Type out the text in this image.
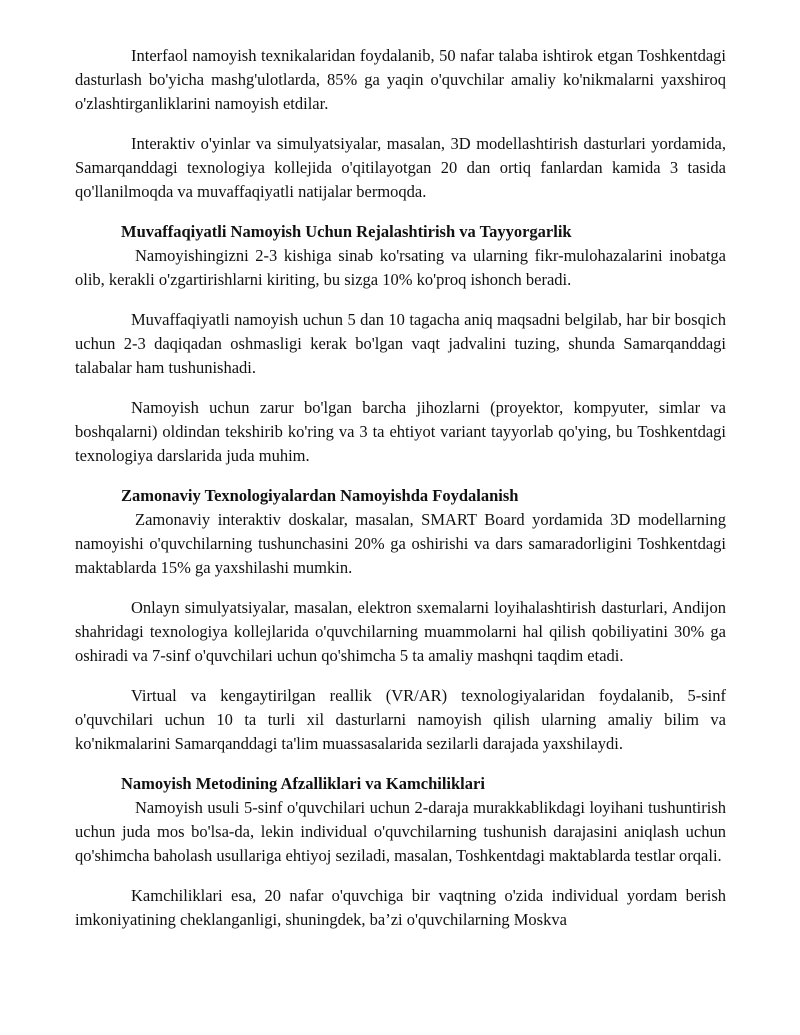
Interfaol namoyish texnikalaridan foydalanib, 50 nafar talaba ishtirok etgan Toshkentdagi dasturlash bo'yicha mashg'ulotlarda, 85% ga yaqin o'quvchilar amaliy ko'nikmalarni yaxshiroq o'zlashtirganliklarini namoyish etdilar.

Interaktiv o'yinlar va simulyatsiyalar, masalan, 3D modellashtirish dasturlari yordamida, Samarqanddagi texnologiya kollejida o'qitilayotgan 20 dan ortiq fanlardan kamida 3 tasida qo'llanilmoqda va muvaffaqiyatli natijalar bermoqda.

Muvaffaqiyatli Namoyish Uchun Rejalashtirish va Tayyorgarlik

Namoyishingizni 2-3 kishiga sinab ko'rsating va ularning fikr-mulohazalarini inobatga olib, kerakli o'zgartirishlarni kiriting, bu sizga 10% ko'proq ishonch beradi.

Muvaffaqiyatli namoyish uchun 5 dan 10 tagacha aniq maqsadni belgilab, har bir bosqich uchun 2-3 daqiqadan oshmasligi kerak bo'lgan vaqt jadvalini tuzing, shunda Samarqanddagi talabalar ham tushunishadi.

Namoyish uchun zarur bo'lgan barcha jihozlarni (proyektor, kompyuter, simlar va boshqalarni) oldindan tekshirib ko'ring va 3 ta ehtiyot variant tayyorlab qo'ying, bu Toshkentdagi texnologiya darslarida juda muhim.

Zamonaviy Texnologiyalardan Namoyishda Foydalanish

Zamonaviy interaktiv doskalar, masalan, SMART Board yordamida 3D modellarning namoyishi o'quvchilarning tushunchasini 20% ga oshirishi va dars samaradorligini Toshkentdagi maktablarda 15% ga yaxshilashi mumkin.

Onlayn simulyatsiyalar, masalan, elektron sxemalarni loyihalashtirish dasturlari, Andijon shahridagi texnologiya kollejlarida o'quvchilarning muammolarni hal qilish qobiliyatini 30% ga oshiradi va 7-sinf o'quvchilari uchun qo'shimcha 5 ta amaliy mashqni taqdim etadi.

Virtual va kengaytirilgan reallik (VR/AR) texnologiyalaridan foydalanib, 5-sinf o'quvchilari uchun 10 ta turli xil dasturlarni namoyish qilish ularning amaliy bilim va ko'nikmalarini Samarqanddagi ta'lim muassasalarida sezilarli darajada yaxshilaydi.

Namoyish Metodining Afzalliklari va Kamchiliklari

Namoyish usuli 5-sinf o'quvchilari uchun 2-daraja murakkablikdagi loyihani tushuntirish uchun juda mos bo'lsa-da, lekin individual o'quvchilarning tushunish darajasini aniqlash uchun qo'shimcha baholash usullariga ehtiyoj seziladi, masalan, Toshkentdagi maktablarda testlar orqali.

Kamchiliklari esa, 20 nafar o'quvchiga bir vaqtning o'zida individual yordam berish imkoniyatining cheklanganligi, shuningdek, ba’zi o'quvchilarning Moskva
